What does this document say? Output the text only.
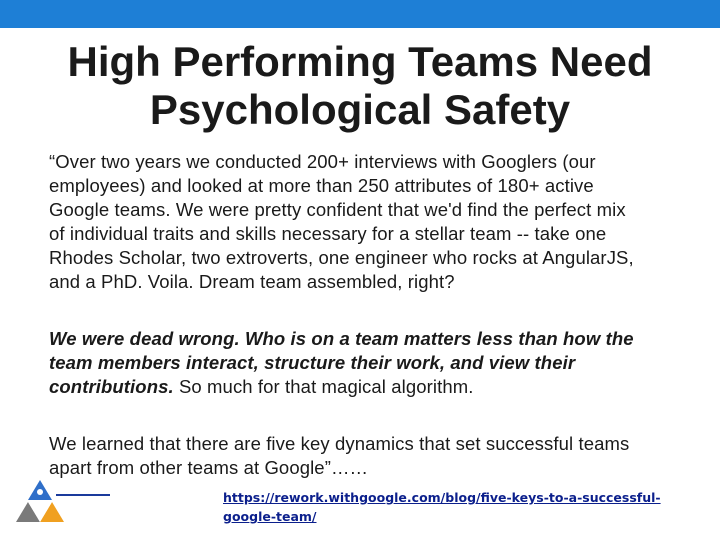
High Performing Teams Need
Psychological Safety
“Over two years we conducted 200+ interviews with Googlers (our
employees) and looked at more than 250 attributes of 180+ active
Google teams. We were pretty confident that we'd find the perfect mix
of individual traits and skills necessary for a stellar team -- take one
Rhodes Scholar, two extroverts, one engineer who rocks at AngularJS,
and a PhD. Voila. Dream team assembled, right?
We were dead wrong. Who is on a team matters less than how the
team members interact, structure their work, and view their
contributions. So much for that magical algorithm.
We learned that there are five key dynamics that set successful teams
apart from other teams at Google”……
https://rework.withgoogle.com/blog/five-keys-to-a-successful-
google-team/
